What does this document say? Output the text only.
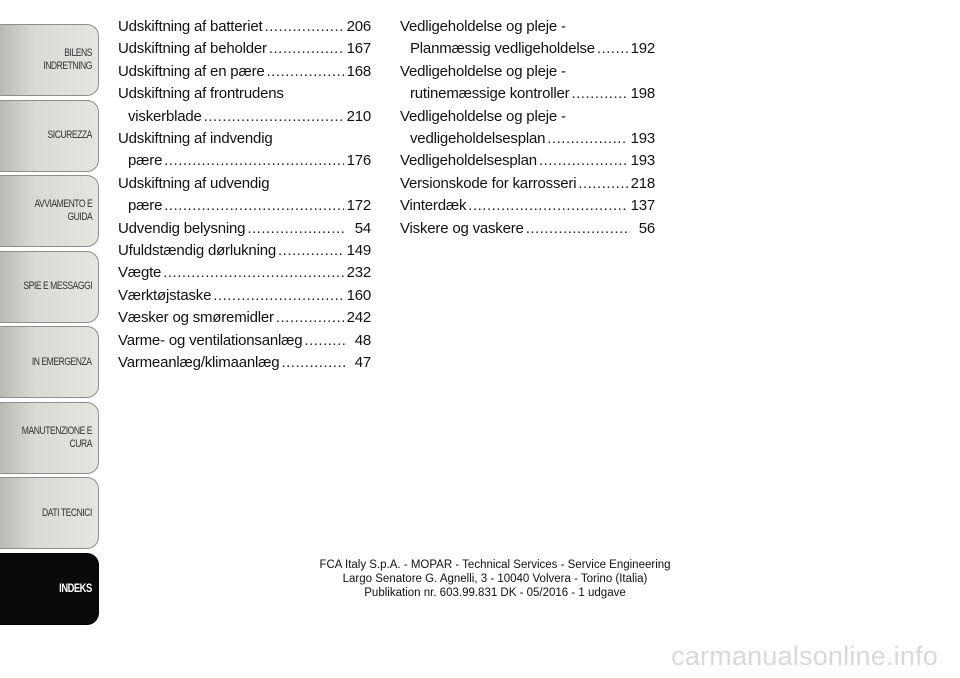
BILENS INDRETNING
SICUREZZA
AVVIAMENTO E
GUIDA
SPIE E MESSAGGI
IN EMERGENZA
MANUTENZIONE E
CURA
DATI TECNICI
INDEKS
Udskiftning af batteriet .....	206
Udskiftning af beholder .....	167
Udskiftning af en pære .....	168
Udskiftning af frontrudens
viskerblade .....	210
Udskiftning af indvendig
pære .....	176
Udskiftning af udvendig
pære .....	172
Udvendig belysning .....	54
Ufuldstændig dørlukning .....	149
Vægte .....	232
Værktøjstaske .....	160
Væsker og smøremidler .....	242
Varme- og ventilationsanlæg .....	48
Varmeanlæg/klimaanlæg .....	47
Vedligeholdelse og pleje -
Planmæssig vedligeholdelse ..... 192
Vedligeholdelse og pleje -
rutinemæssige kontroller .....	198
Vedligeholdelse og pleje -
vedligeholdelsesplan .....	193
Vedligeholdelsesplan .....	193
Versionskode for karrosseri .....	218
Vinterdæk .....	137
Viskere og vaskere .....	56
FCA Italy S.p.A. - MOPAR - Technical Services - Service Engineering
Largo Senatore G. Agnelli, 3 - 10040 Volvera - Torino (Italia)
Publikation nr. 603.99.831 DK - 05/2016 - 1 udgave
carmanualsonline.info
